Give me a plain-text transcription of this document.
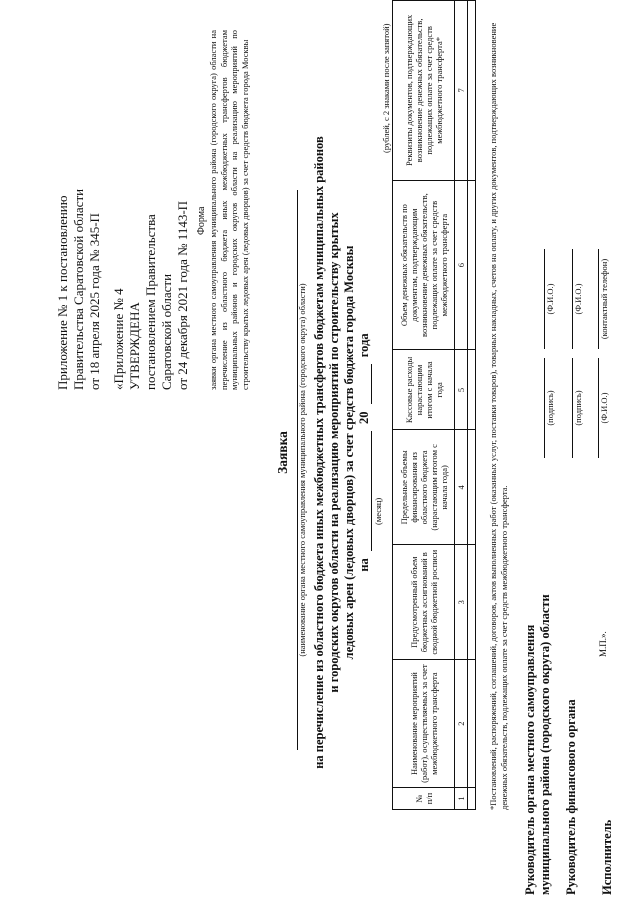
Приложение № 1 к постановлению Правительства Саратовской области от 18 апреля 2025 года № 345-П «Приложение № 4 УТВЕРЖДЕНА постановлением Правительства Саратовской области от 24 декабря 2021 года № 1143-П Форма заявки органа местного самоуправления муниципального района (городского округа) области на перечисление из областного бюджета иных межбюджетных трансфертов бюджетам муниципальных районов и городских округов области на реализацию мероприятий по строительству крытых ледовых арен (ледовых дворцов) за счет средств бюджета города Москвы
Заявка (наименование органа местного самоуправления муниципального района (городского округа) области) на перечисление из областного бюджета иных межбюджетных трансфертов бюджетам муниципальных районов и городских округов области на реализацию мероприятий по строительству крытых ледовых арен (ледовых дворцов) за счет средств бюджета города Москвы на  20  года
(месяц)
(рублей, с 2 знаками после запятой)
№ п/п	Наименование мероприятий (работ), осуществляемых за счет межбюджетного трансферта	Предусмотренный объем бюджетных ассигнований в сводной бюджетной росписи	Предельные объемы финансирования из областного бюджета (нарастающим итогом с начала года)	Кассовые расходы нарастающим итогом с начала года	Объем денежных обязательств по документам, подтверждающим возникновение денежных обязательств, подлежащих оплате за счет средств межбюджетного трансферта	Реквизиты документов, подтверждающих возникновение денежных обязательств, подлежащих оплате за счет средств межбюджетного трансферта*
1	2	3	4	5	6	7
							*Постановлений, распоряжений, соглашений, договоров, актов выполненных работ (оказанных услуг, поставки товаров), товарных накладных, счетов на оплату, и других документов, подтверждающих возникновение денежных обязательств, подлежащих оплате за счет средств межбюджетного трансферта. Руководитель органа местного самоуправления муниципального района (городского округа) области
(подпись)
(Ф.И.О.)
Руководитель финансового органа
(подпись)
(Ф.И.О.)
Исполнитель
(Ф.И.О.)
(контактный телефон)
М.П.».
